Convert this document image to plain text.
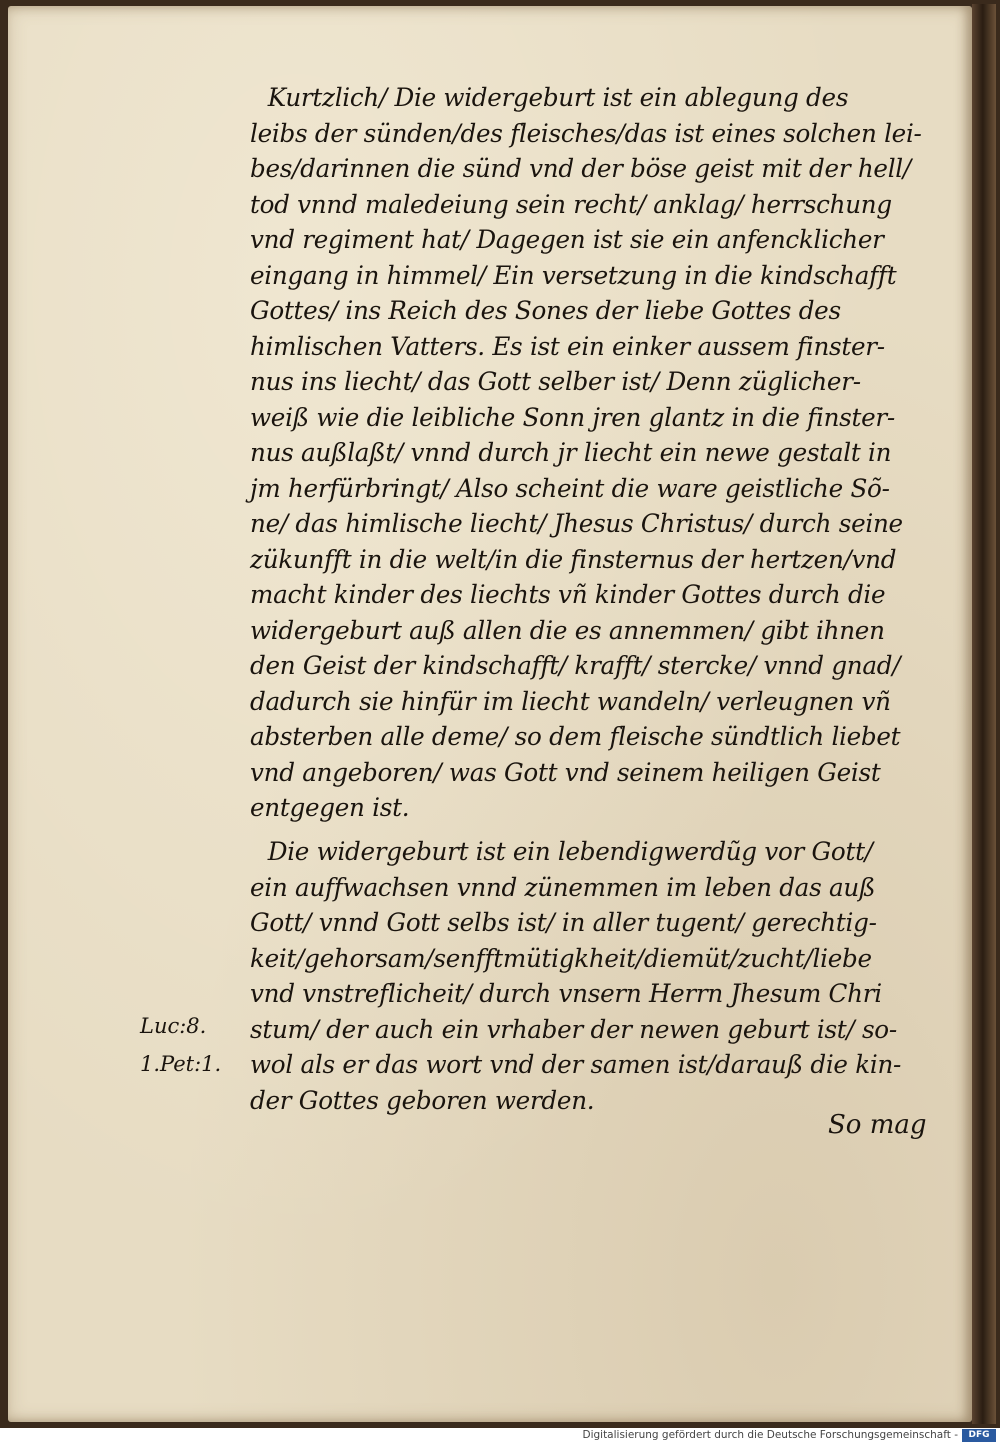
Kurtzlich/ Die widergeburt ist ein ablegung des
leibs der sünden/des fleisches/das ist eines solchen lei-
bes/darinnen die sünd vnd der böse geist mit der hell/
tod vnnd maledeiung sein recht/ anklag/ herrschung
vnd regiment hat/ Dagegen ist sie ein anfencklicher
eingang in himmel/ Ein versetzung in die kindschafft
Gottes/ ins Reich des Sones der liebe Gottes des
himlischen Vatters. Es ist ein einker aussem finster-
nus ins liecht/ das Gott selber ist/ Denn züglicher-
weiß wie die leibliche Sonn jren glantz in die finster-
nus außlaßt/ vnnd durch jr liecht ein newe gestalt in
jm herfürbringt/ Also scheint die ware geistliche Sõ-
ne/ das himlische liecht/ Jhesus Christus/ durch seine
zükunfft in die welt/in die finsternus der hertzen/vnd
macht kinder des liechts vñ kinder Gottes durch die
widergeburt auß allen die es annemmen/ gibt ihnen
den Geist der kindschafft/ krafft/ stercke/ vnnd gnad/
dadurch sie hinfür im liecht wandeln/ verleugnen vñ
absterben alle deme/ so dem fleische sündtlich liebet
vnd angeboren/ was Gott vnd seinem heiligen Geist
entgegen ist.
Die widergeburt ist ein lebendigwerdũg vor Gott/
ein auffwachsen vnnd zünemmen im leben das auß
Gott/ vnnd Gott selbs ist/ in aller tugent/ gerechtig-
keit/gehorsam/senfftmütigkheit/diemüt/zucht/liebe
vnd vnstreflicheit/ durch vnsern Herrn Jhesum Chri
stum/ der auch ein vrhaber der newen geburt ist/ so-
wol als er das wort vnd der samen ist/darauß die kin-
der Gottes geboren werden.
Luc:8.
1.Pet:1.
So mag
Digitalisierung gefördert durch die Deutsche Forschungsgemeinschaft -	DFG
